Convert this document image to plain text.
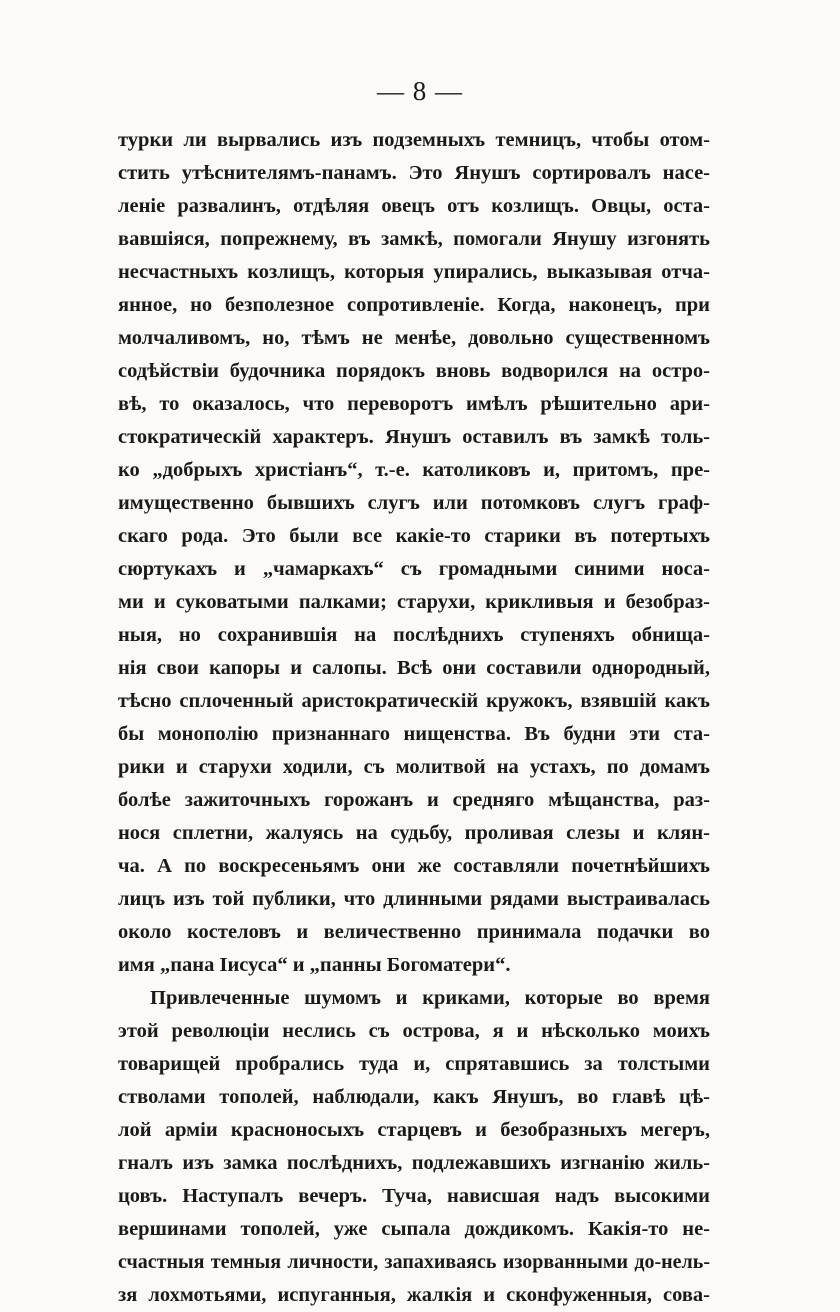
— 8 —
турки ли вырвались изъ подземныхъ темницъ, чтобы отом-
стить утѣснителямъ-панамъ. Это Янушъ сортировалъ насе-
леніе развалинъ, отдѣляя овецъ отъ козлищъ. Овцы, оста-
вавшіяся, попрежнему, въ замкѣ, помогали Янушу изгонять
несчастныхъ козлищъ, которыя упирались, выказывая отча-
янное, но безполезное сопротивленіе. Когда, наконецъ, при
молчаливомъ, но, тѣмъ не менѣе, довольно существенномъ
содѣйствіи будочника порядокъ вновь водворился на остро-
вѣ, то оказалось, что переворотъ имѣлъ рѣшительно ари-
стократическій характеръ. Янушъ оставилъ въ замкѣ толь-
ко „добрыхъ христіанъ“, т.-е. католиковъ и, притомъ, пре-
имущественно бывшихъ слугъ или потомковъ слугъ граф-
скаго рода. Это были все какіе-то старики въ потертыхъ
сюртукахъ и „чамаркахъ“ съ громадными синими носа-
ми и суковатыми палками; старухи, крикливыя и безобраз-
ныя, но сохранившія на послѣднихъ ступеняхъ обнища-
нія свои капоры и салопы. Всѣ они составили однородный,
тѣсно сплоченный аристократическій кружокъ, взявшій какъ
бы монополію признаннаго нищенства. Въ будни эти ста-
рики и старухи ходили, съ молитвой на устахъ, по домамъ
болѣе зажиточныхъ горожанъ и средняго мѣщанства, раз-
нося сплетни, жалуясь на судьбу, проливая слезы и клян-
ча. А по воскресеньямъ они же составляли почетнѣйшихъ
лицъ изъ той публики, что длинными рядами выстраивалась
около костеловъ и величественно принимала подачки во
имя „пана Іисуса“ и „панны Богоматери“.
Привлеченные шумомъ и криками, которые во время
этой революціи неслись съ острова, я и нѣсколько моихъ
товарищей пробрались туда и, спрятавшись за толстыми
стволами тополей, наблюдали, какъ Янушъ, во главѣ цѣ-
лой арміи красноносыхъ старцевъ и безобразныхъ мегеръ,
гналъ изъ замка послѣднихъ, подлежавшихъ изгнанію жиль-
цовъ. Наступалъ вечеръ. Туча, нависшая надъ высокими
вершинами тополей, уже сыпала дождикомъ. Какія-то не-
счастныя темныя личности, запахиваясь изорванными до-нель-
зя лохмотьями, испуганныя, жалкія и сконфуженныя, сова-
